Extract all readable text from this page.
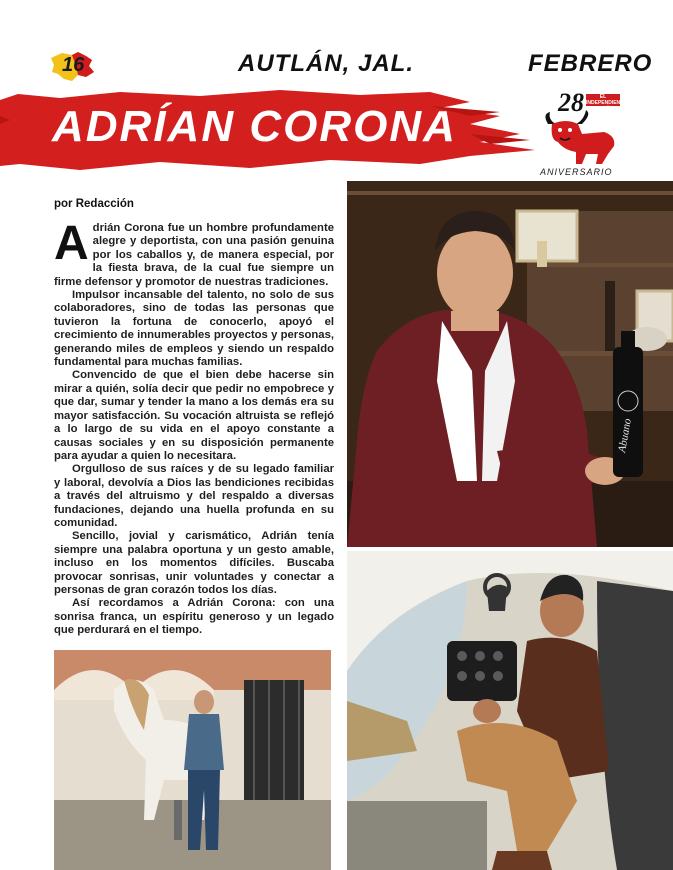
16	AUTLÁN, JAL.	FEBRERO
ADRÍAN CORONA	28	EL INDEPENDIENTE AUTLÁN
ANIVERSARIO
por Redacción

Adrián Corona fue un hombre profundamente alegre y deportista, con una pasión genuina por los caballos y, de manera especial, por la fiesta brava, de la cual fue siempre un firme defensor y promotor de nuestras tradiciones.

Impulsor incansable del talento, no solo de sus colaboradores, sino de todas las personas que tuvieron la fortuna de conocerlo, apoyó el crecimiento de innumerables proyectos y personas, generando miles de empleos y siendo un respaldo fundamental para muchas familias.

Convencido de que el bien debe hacerse sin mirar a quién, solía decir que pedir no empobrece y que dar, sumar y tender la mano a los demás era su mayor satisfacción. Su vocación altruista se reflejó a lo largo de su vida en el apoyo constante a causas sociales y en su disposición permanente para ayudar a quien lo necesitara.

Orgulloso de sus raíces y de su legado familiar y laboral, devolvía a Dios las bendiciones recibidas a través del altruismo y del respaldo a diversas fundaciones, dejando una huella profunda en su comunidad.

Sencillo, jovial y carismático, Adrián tenía siempre una palabra oportuna y un gesto amable, incluso en los momentos difíciles. Buscaba provocar sonrisas, unir voluntades y conectar a personas de gran corazón todos los días.

Así recordamos a Adrián Corona: con una sonrisa franca, un espíritu generoso y un legado que perdurará en el tiempo.

Abuano
